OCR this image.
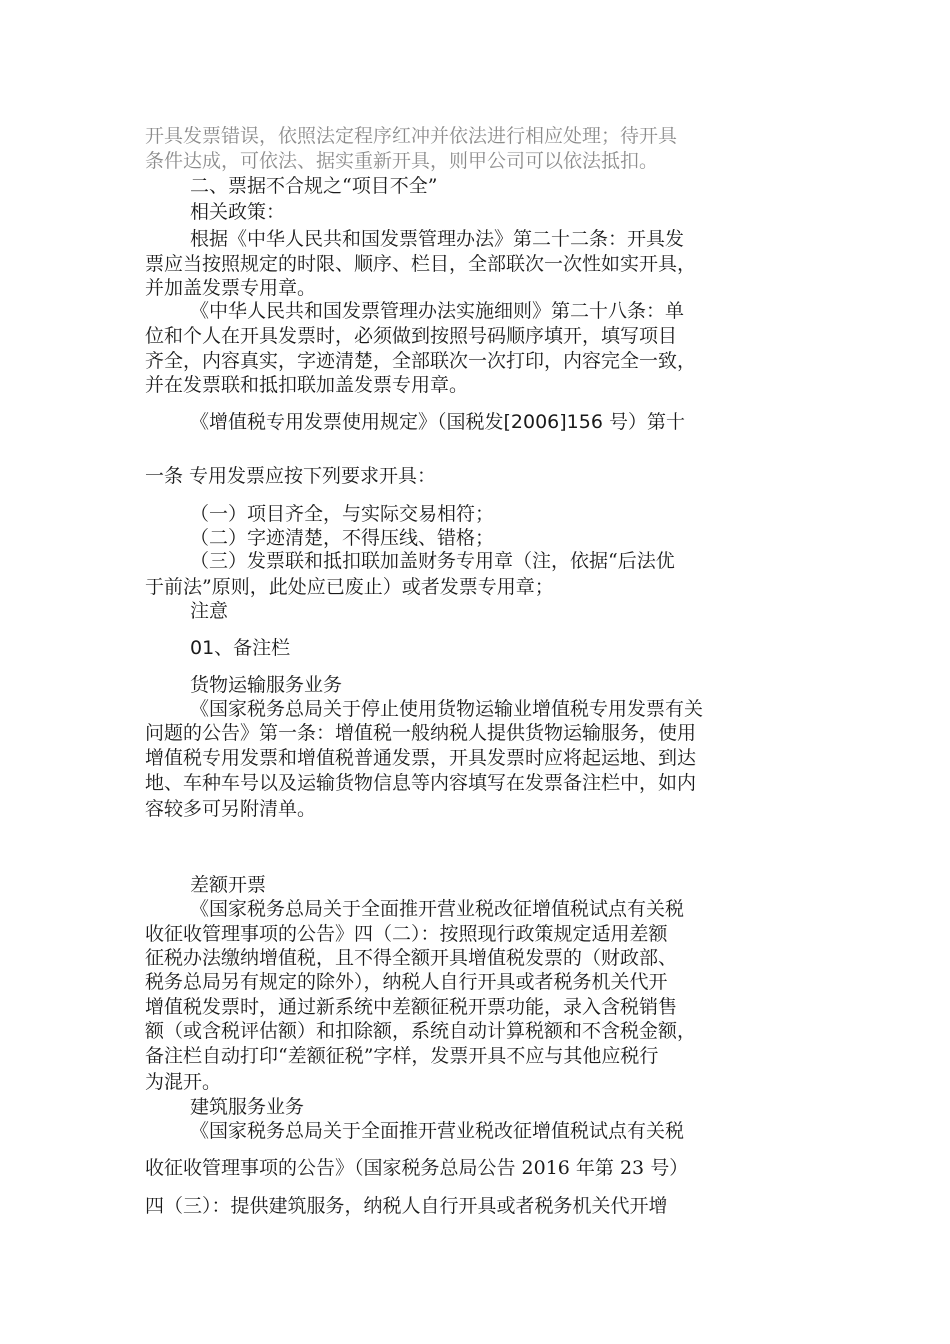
开具发票错误，依照法定程序红冲并依法进行相应处理；待开具

条件达成，可依法、据实重新开具，则甲公司可以依法抵扣。

二、票据不合规之“项目不全”

相关政策：

根据《中华人民共和国发票管理办法》第二十二条：开具发

票应当按照规定的时限、顺序、栏目，全部联次一次性如实开具，

并加盖发票专用章。

《中华人民共和国发票管理办法实施细则》第二十八条：单

位和个人在开具发票时，必须做到按照号码顺序填开，填写项目

齐全，内容真实，字迹清楚，全部联次一次打印，内容完全一致，

并在发票联和抵扣联加盖发票专用章。

《增值税专用发票使用规定》（国税发[2006]156 号）第十

一条 专用发票应按下列要求开具：

（一）项目齐全，与实际交易相符；

（二）字迹清楚，不得压线、错格；

（三）发票联和抵扣联加盖财务专用章（注，依据“后法优

于前法”原则，此处应已废止）或者发票专用章；

注意

01、备注栏

货物运输服务业务

《国家税务总局关于停止使用货物运输业增值税专用发票有关

问题的公告》第一条：增值税一般纳税人提供货物运输服务，使用

增值税专用发票和增值税普通发票，开具发票时应将起运地、到达

地、车种车号以及运输货物信息等内容填写在发票备注栏中，如内

容较多可另附清单。

差额开票

《国家税务总局关于全面推开营业税改征增值税试点有关税

收征收管理事项的公告》四（二）：按照现行政策规定适用差额

征税办法缴纳增值税，且不得全额开具增值税发票的（财政部、

税务总局另有规定的除外），纳税人自行开具或者税务机关代开

增值税发票时，通过新系统中差额征税开票功能，录入含税销售

额（或含税评估额）和扣除额，系统自动计算税额和不含税金额，

备注栏自动打印“差额征税”字样，发票开具不应与其他应税行

为混开。

建筑服务业务

《国家税务总局关于全面推开营业税改征增值税试点有关税

收征收管理事项的公告》（国家税务总局公告 2016 年第 23 号）

四（三）：提供建筑服务，纳税人自行开具或者税务机关代开增
